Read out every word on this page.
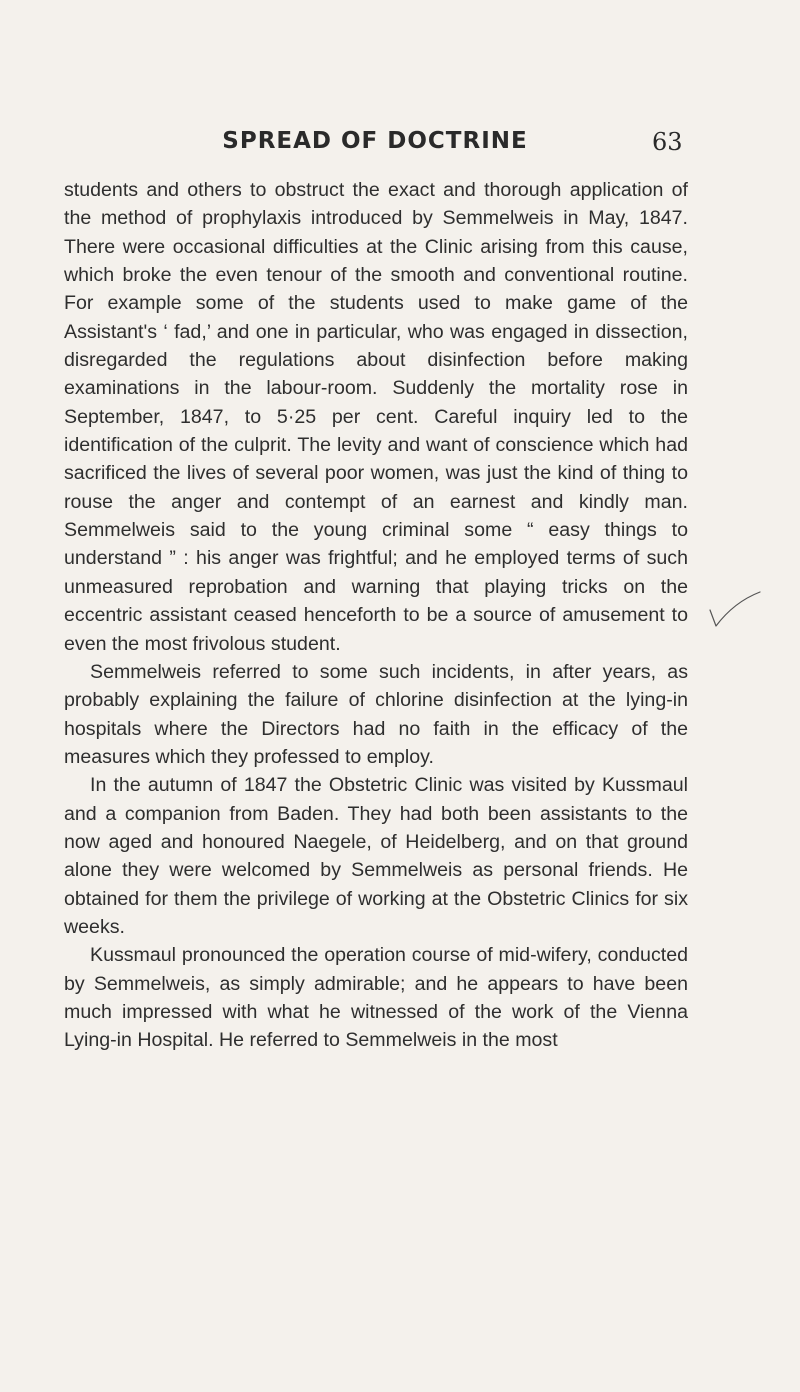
SPREAD OF DOCTRINE	63

students and others to obstruct the exact and thorough application of the method of prophylaxis introduced by Semmelweis in May, 1847. There were occasional difficulties at the Clinic arising from this cause, which broke the even tenour of the smooth and conventional routine. For example some of the students used to make game of the Assistant's ‘ fad,’ and one in particular, who was engaged in dissection, disregarded the regulations about disinfection before making examinations in the labour-room. Suddenly the mortality rose in September, 1847, to 5·25 per cent. Careful inquiry led to the identification of the culprit. The levity and want of conscience which had sacrificed the lives of several poor women, was just the kind of thing to rouse the anger and contempt of an earnest and kindly man. Semmelweis said to the young criminal some “ easy things to understand ” : his anger was frightful; and he employed terms of such unmeasured reprobation and warning that playing tricks on the eccentric assistant ceased henceforth to be a source of amusement to even the most frivolous student.

Semmelweis referred to some such incidents, in after years, as probably explaining the failure of chlorine disinfection at the lying-in hospitals where the Directors had no faith in the efficacy of the measures which they professed to employ.

In the autumn of 1847 the Obstetric Clinic was visited by Kussmaul and a companion from Baden. They had both been assistants to the now aged and honoured Naegele, of Heidelberg, and on that ground alone they were welcomed by Semmelweis as personal friends. He obtained for them the privilege of working at the Obstetric Clinics for six weeks.

Kussmaul pronounced the operation course of mid-wifery, conducted by Semmelweis, as simply admirable; and he appears to have been much impressed with what he witnessed of the work of the Vienna Lying-in Hospital. He referred to Semmelweis in the most
